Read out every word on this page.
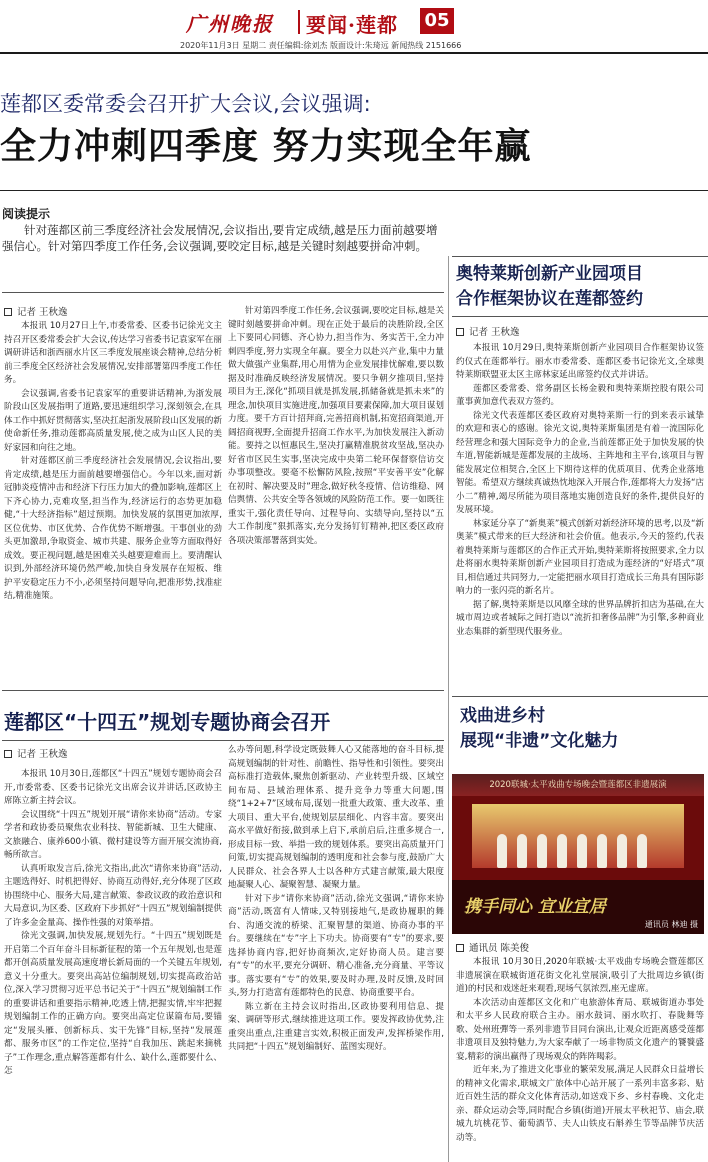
广州晚报 要闻·莲都 05
2020年11月3日 星期二 责任编辑:徐刘杰 版面设计:朱琦远 新闻热线 2151666
莲都区委常委会召开扩大会议,会议强调:
全力冲刺四季度 努力实现全年赢
阅读提示
针对莲都区前三季度经济社会发展情况,会议指出,要肯定成绩,越是压力面前越要增强信心。针对第四季度工作任务,会议强调,要咬定目标,越是关键时刻越要拼命冲刺。
记者 王秋逸

本报讯 10月27日上午,市委常委、区委书记徐光文主持召开区委常委会扩大会议,传达学习省委书记袁家军在丽调研讲话和浙西丽水片区三季度发展座谈会精神,总结分析前三季度全区经济社会发展情况,安排部署第四季度工作任务。

会议强调,省委书记袁家军的重要讲话精神,为浙发展阶段山区发展指明了道路,要迅速组织学习,深刻领会,在具体工作中抓好贯彻落实,坚决扛起浙发展阶段山区发展的新使命新任务,推动莲都高质量发展,使之成为山区人民的美好家园和向往之地。

针对莲都区前三季度经济社会发展情况,会议指出,要肯定成绩,越是压力面前越要增强信心。今年以来,面对新冠肺炎疫情冲击和经济下行压力加大的叠加影响,莲都区上下齐心协力,克难攻坚,担当作为,经济运行的态势更加稳健,“十大经济指标”超过预期。加快发展的氛围更加浓厚,区位优势、市区优势、合作优势不断增强。干事创业的劲头更加激昂,争取资金、城市共建、服务企业等方面取得好成效。要正视问题,越是困难关头越要迎难而上。要清醒认识到,外部经济环境仍然严峻,加快自身发展存在短板、维护平安稳定压力不小,必须坚持问题导向,把准形势,找准症结,精准施策。

针对第四季度工作任务,会议强调,要咬定目标,越是关键时刻越要拼命冲刺。现在正处于最后的决胜阶段,全区上下要同心同德、齐心协力,担当作为、务实苦干,全力冲刺四季度,努力实现全年赢。要全力以赴兴产业,集中力量做大做强产业集群,用心用情为企业发展排忧解难,要以数据及时准确反映经济发展情况。要只争朝夕推项目,坚持项目为王,深化“抓项目就是抓发展,抓储备就是抓未来”的理念,加快项目实施进度,加强项目要素保障,加大项目谋划力度。要千方百计招拜商,完善招商机制,拓宽招商渠道,开阔招商视野,全面提升招商工作水平,为加快发展注入新动能。要持之以恒惠民生,坚决打赢精准脱贫攻坚战,坚决办好省市区民生实事,坚决完成中央第二轮环保督察信访交办事项整改。要毫不松懈防风险,按照“平安善平安”化解在初时、解决要及时”理念,做好秋冬疫情、信访维稳、网信舆情、公共安全等各领域的风险防范工作。要一如既往重实干,强化责任导向、过程导向、实绩导向,坚持以“五大工作制度”狠抓落实,充分发扬钉钉精神,把区委区政府各项决策部署落到实处。

莲都区“十四五”规划专题协商会召开
记者 王秋逸

本报讯 10月30日,莲都区“十四五”规划专题协商会召开,市委常委、区委书记徐光文出席会议并讲话,区政协主席陈立新主持会议。

会议围绕“十四五”规划开展“请你来协商”活动。专家学者和政协委员聚焦农业科技、智能新城、卫生大健康、文旅融合、康养600小镇、微村建设等方面开展交流协商,畅所欲言。

认真听取发言后,徐光文指出,此次“请你来协商”活动,主题选得好、时机把得好、协商互动得好,充分体现了区政协围绕中心、服务大局,建言献策、参政议政的政治意识和大局意识,为区委、区政府下步抓好“十四五”规划编制提供了许多金金量高、操作性强的对策举措。

徐光文强调,加快发展,规划先行。“十四五”规划既是开启第二个百年奋斗目标新征程的第一个五年规划,也是莲都开创高质量发展高速度增长新局面的一个关键五年规划,意义十分重大。要突出高站位编制规划,切实提高政治站位,深入学习贯彻习近平总书记关于“十四五”规划编制工作的重要讲话和重要指示精神,吃透上情,把握实情,牢牢把握规划编制工作的正确方向。要突出高定位谋篇布局,要锚定“发展头雁、创新标兵、实干先锋”目标,坚持“发展莲都、服务市区”的工作定位,坚持“自我加压、跳起来摘桃子”工作理念,重点解答莲都有什么、缺什么,莲都要什么、怎

么办等问题,科学设定既鼓舞人心又能落地的奋斗目标,提高规划编制的针对性、前瞻性、指导性和引领性。要突出高标准打造载体,聚焦创新驱动、产业转型升级、区域空间布局、县域治理体系、提升竞争力等重大问题,围绕“1+2+7”区域布局,谋划一批重大政策、重大改革、重大项目、重大平台,使规划层层细化、内容丰富。要突出高水平做好衔接,做到承上启下,承前启后,注重多规合一,形成目标一致、举措一致的规划体系。要突出高质量开门问策,切实提高规划编制的透明度和社会参与度,鼓励广大人民群众、社会各界人士以各种方式建言献策,最大限度地凝聚人心、凝聚智慧、凝聚力量。

针对下步“请你来协商”活动,徐光文强调,“请你来协商”活动,既富有人情味,又特别接地气,是政协履职的舞台、沟通交流的桥梁、汇聚智慧的渠道、协商办事的平台。要继续在“专”字上下功夫。协商要有“专”的要求,要选择协商内容,把好协商频次,定好协商人员。建言要有“专”的水平,要充分调研、精心准备,充分商量、平等议事。落实要有“专”的效果,要及时办理,及时反馈,及时回头,努力打造富有莲都特色的民意、协商重要平台。

陈立新在主持会议时指出,区政协要利用信息、提案、调研等形式,继续推进这项工作。要发挥政协优势,注重突出重点,注重建言实效,积极正面发声,发挥桥梁作用,共同把“十四五”规划编制好、蓝图实现好。

奥特莱斯创新产业园项目
合作框架协议在莲都签约
记者 王秋逸

本报讯 10月29日,奥特莱斯创新产业园项目合作框架协议签约仪式在莲都举行。丽水市委常委、莲都区委书记徐光文,全球奥特莱斯联盟亚太区主席林家延出席签约仪式并讲话。

莲都区委常委、常务副区长杨金毅和奥特莱斯控股有限公司董事黄加意代表双方签约。

徐光文代表莲都区委区政府对奥特莱斯一行的到来表示诚挚的欢迎和衷心的感谢。徐光文说,奥特莱斯集团是有着一流国际化经营理念和强大国际竞争力的企业,当前莲都正处于加快发展的快车道,智能新城是莲都发展的主战场、主阵地和主平台,该项目与智能发展定位相契合,全区上下期待这样的优质项目、优秀企业落地智能。希望双方继续真诚热忱地深入开展合作,莲都将大力发扬“店小二”精神,竭尽所能为项目落地实施创造良好的条件,提供良好的发展环境。

林家延分享了“新奥莱”模式创新对新经济环境的思考,以及“新奥莱”模式带来的巨大经济和社会价值。他表示,今天的签约,代表着奥特莱斯与莲都区的合作正式开始,奥特莱斯将按照要求,全力以赴将丽水奥特莱斯创新产业园项目打造成为莲经济的“好塔式”项目,相信通过共同努力,一定能把丽水项目打造成长三角具有国际影响力的一张闪亮的新名片。

据了解,奥特莱斯是以风靡全球的世界品牌折扣店为基础,在大城市周边或者城际之间打造以“流折扣奢侈品牌”为引擎,多种商业业态集群的新型现代服务业。

戏曲进乡村
展现“非遗”文化魅力
2020联城·太平戏曲专场晚会暨莲都区非遗展演
携手同心 宜业宜居
通讯员 林迪 摄
通讯员 陈美俊

本报讯 10月30日,2020年联城·太平戏曲专场晚会暨莲都区非遗展演在联城街道花街文化礼堂展演,吸引了大批周边乡镇(街道)的村民和戏迷赶来观看,现场气氛浓烈,座无虚席。

本次活动由莲都区文化和广电旅游体育局、联城街道办事处和太平乡人民政府联合主办。丽水鼓词、丽水吹打、春陇舞等歌、处州班彈等一系列非遗节目同台演出,让观众近距离感受莲都非遗项目及独特魅力,为大家奉献了一场非物质文化遗产的饕餮盛宴,精彩的演出赢得了现场观众的阵阵喝彩。

近年来,为了推进文化事业的繁荣发展,满足人民群众日益增长的精神文化需求,联城文广旅体中心站开展了一系列丰富多彩、贴近百姓生活的群众文化体育活动,如送戏下乡、乡村春晚、文化走亲、群众运动会等,同时配合乡镇(街道)开展太平秋祀节、庙会,联城九坑桃花节、葡萄酒节、夫人山铁皮石斛养生节等品牌节庆活动等。
